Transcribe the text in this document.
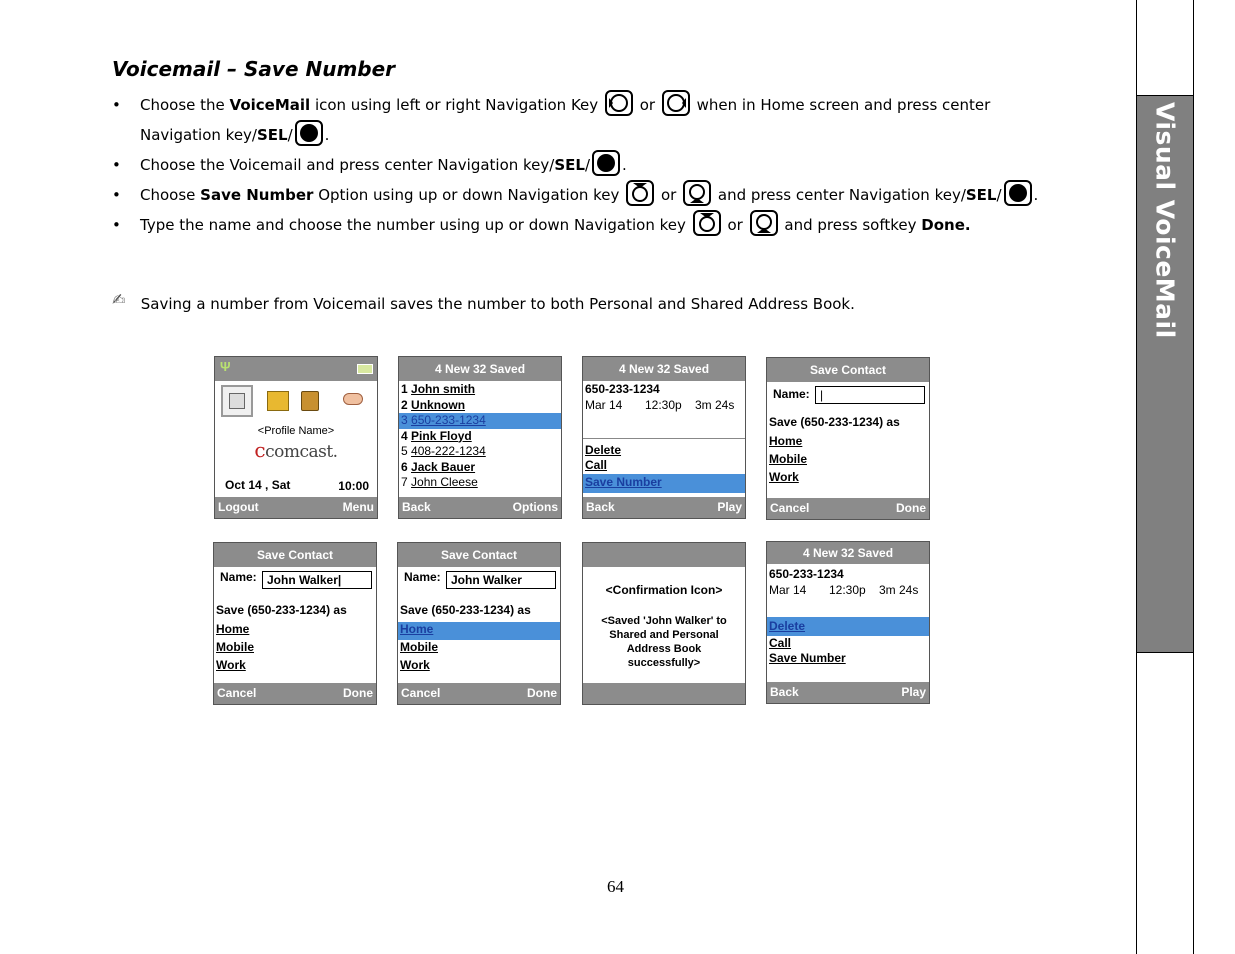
Visual VoiceMail
Voicemail – Save Number
• Choose the VoiceMail icon using left or right Navigation Key	or	when in Home screen and press center Navigation key/SEL/ .
• Choose the Voicemail and press center Navigation key/SEL/ .
• Choose Save Number Option using up or down Navigation key	or	and press center Navigation key/SEL/ .
• Type the name and choose the number using up or down Navigation key	or	and press softkey Done.
✍ Saving a number from Voicemail saves the number to both Personal and Shared Address Book.
Ψ
<Profile Name>
ccomcast.
Oct 14 , Sat	10:00
Logout	Menu
4 New 32 Saved
1 John smith
2 Unknown
3 650-233-1234
4 Pink Floyd
5 408-222-1234
6 Jack Bauer
7 John Cleese
Back	Options
4 New 32 Saved
650-233-1234
Mar 14 12:30p 3m 24s
Delete
Call
Save Number
Back	Play
Save Contact
Name: |
Save (650-233-1234) as
Home
Mobile
Work
Cancel	Done
Save Contact
Name: John Walker|
Save (650-233-1234) as
Home
Mobile
Work
Cancel	Done
Save Contact
Name: John Walker
Save (650-233-1234) as
Home
Mobile
Work
Cancel	Done
<Confirmation Icon>
<Saved 'John Walker' to
Shared and Personal
Address Book
successfully>
4 New 32 Saved
650-233-1234
Mar 14 12:30p 3m 24s
Delete
Call
Save Number
Back	Play
64
